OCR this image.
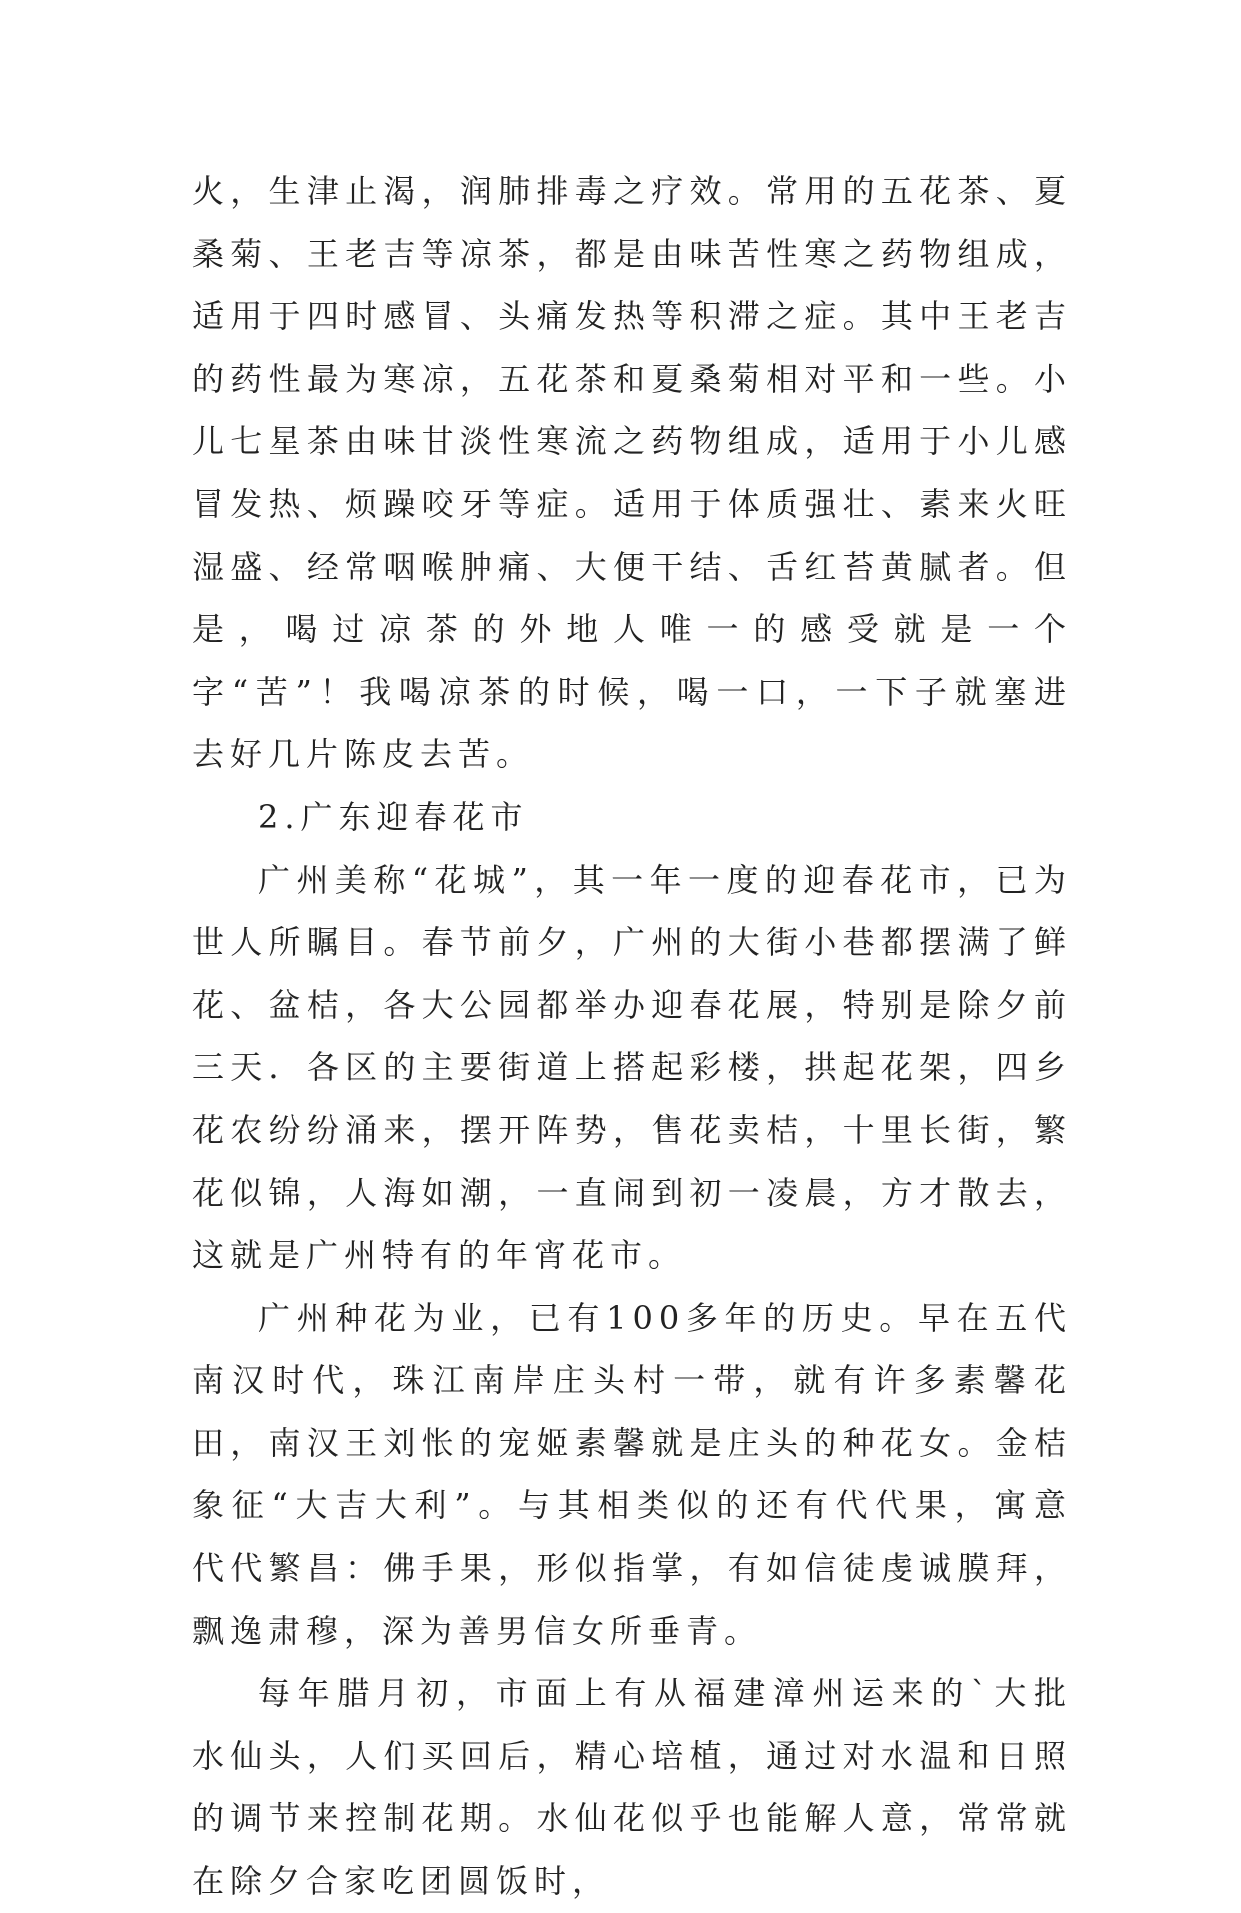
火，生津止渴，润肺排毒之疗效。常用的五花茶、夏桑菊、王老吉等凉茶，都是由味苦性寒之药物组成，适用于四时感冒、头痛发热等积滞之症。其中王老吉的药性最为寒凉，五花茶和夏桑菊相对平和一些。小儿七星茶由味甘淡性寒流之药物组成，适用于小儿感冒发热、烦躁咬牙等症。适用于体质强壮、素来火旺湿盛、经常咽喉肿痛、大便干结、舌红苔黄腻者。但是，喝过凉茶的外地人唯一的感受就是一个字“苦”！我喝凉茶的时候，喝一口，一下子就塞进去好几片陈皮去苦。

2.广东迎春花市

广州美称“花城”，其一年一度的迎春花市，已为世人所瞩目。春节前夕，广州的大街小巷都摆满了鲜花、盆桔，各大公园都举办迎春花展，特别是除夕前三天．各区的主要街道上搭起彩楼，拱起花架，四乡花农纷纷涌来，摆开阵势，售花卖桔，十里长街，繁花似锦，人海如潮，一直闹到初一凌晨，方才散去，这就是广州特有的年宵花市。

广州种花为业，已有100多年的历史。早在五代南汉时代，珠江南岸庄头村一带，就有许多素馨花田，南汉王刘怅的宠姬素馨就是庄头的种花女。金桔象征“大吉大利”。与其相类似的还有代代果，寓意代代繁昌：佛手果，形似指掌，有如信徒虔诚膜拜，飘逸肃穆，深为善男信女所垂青。

每年腊月初，市面上有从福建漳州运来的`大批水仙头，人们买回后，精心培植，通过对水温和日照的调节来控制花期。水仙花似乎也能解人意，常常就在除夕合家吃团圆饭时，
